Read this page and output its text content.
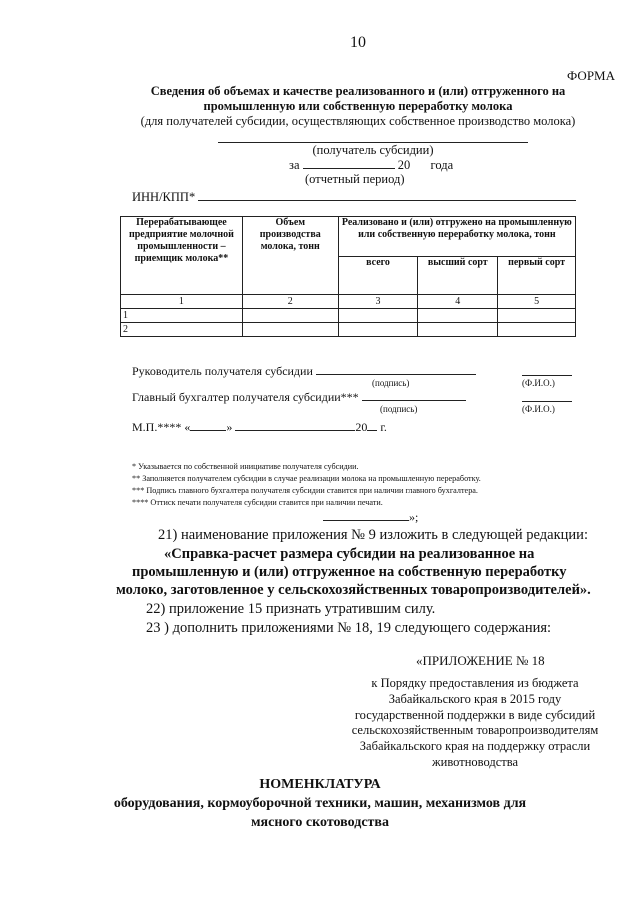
10
ФОРМА
Сведения об объемах и качестве реализованного и (или) отгруженного на
промышленную или собственную переработку молока
(для получателей субсидии, осуществляющих собственное производство молока)
(получатель субсидии)
за	20 года
(отчетный период)
ИНН/КПП*
Перерабатывающее предприятие молочной промышленности – приемщик молока**	Объем производства молока, тонн	Реализовано и (или) отгружено на промышленную или собственную переработку молока, тонн		
		всего	высший сорт	первый сорт
1	2	3	4	5
1				
2				
Руководитель получателя субсидии
(подпись)	(Ф.И.О.)
Главный бухгалтер получателя субсидии***
(подпись)	(Ф.И.О.)
М.П.**** «	»	20 г.
* Указывается по собственной инициативе получателя субсидии.
** Заполняется получателем субсидии в случае реализации молока на промышленную переработку.
*** Подпись главного бухгалтера получателя субсидии ставится при наличии главного бухгалтера.
**** Оттиск печати получателя субсидии ставится при наличии печати.
»;
21) наименование приложения № 9 изложить в следующей редакции:
«Справка-расчет размера субсидии на реализованное на
промышленную и (или) отгруженное на собственную переработку
молоко, заготовленное у сельскохозяйственных товаропроизводителей».
22) приложение 15 признать утратившим силу.
23 ) дополнить приложениями № 18, 19 следующего содержания:
«ПРИЛОЖЕНИЕ № 18
к Порядку предоставления из бюджета
Забайкальского края в 2015 году
государственной поддержки в виде субсидий
сельскохозяйственным товаропроизводителям
Забайкальского края на поддержку отрасли
животноводства
НОМЕНКЛАТУРА
оборудования, кормоуборочной техники, машин, механизмов для
мясного скотоводства
